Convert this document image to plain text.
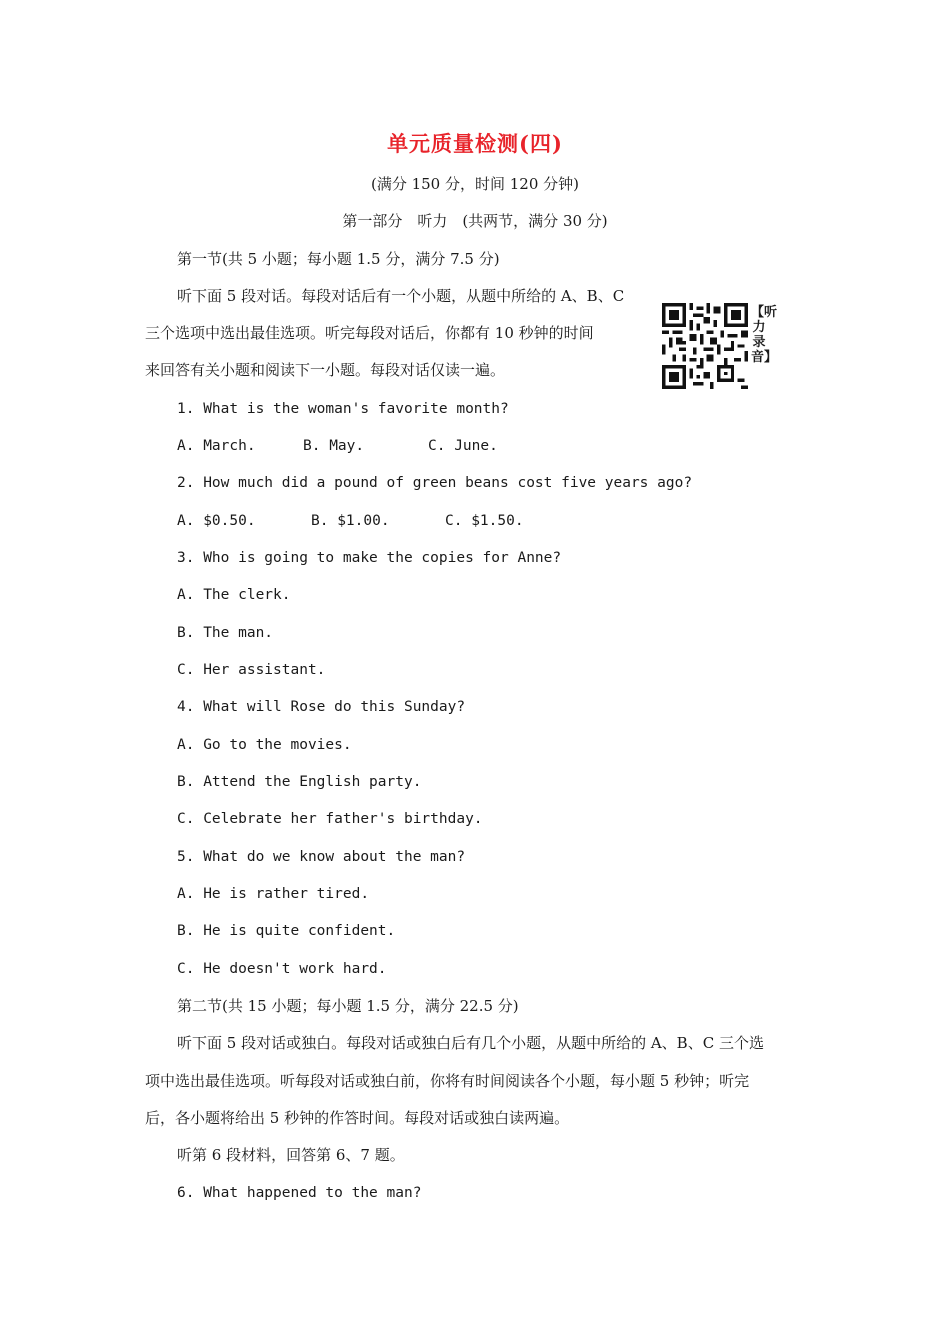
单元质量检测(四)
(满分 150 分，时间 120 分钟)
第一部分　听力　(共两节，满分 30 分)
第一节(共 5 小题；每小题 1.5 分，满分 7.5 分)
听下面 5 段对话。每段对话后有一个小题，从题中所给的 A、B、C
三个选项中选出最佳选项。听完每段对话后，你都有 10 秒钟的时间
来回答有关小题和阅读下一小题。每段对话仅读一遍。
【听力录音】
1. What is the woman's favorite month?
A. March.	B. May.	C. June.
2. How much did a pound of green beans cost five years ago?
A. $0.50.	B. $1.00.	C. $1.50.
3. Who is going to make the copies for Anne?
A. The clerk.
B. The man.
C. Her assistant.
4. What will Rose do this Sunday?
A. Go to the movies.
B. Attend the English party.
C. Celebrate her father's birthday.
5. What do we know about the man?
A. He is rather tired.
B. He is quite confident.
C. He doesn't work hard.
第二节(共 15 小题；每小题 1.5 分，满分 22.5 分)
听下面 5 段对话或独白。每段对话或独白后有几个小题，从题中所给的 A、B、C 三个选
项中选出最佳选项。听每段对话或独白前，你将有时间阅读各个小题，每小题 5 秒钟；听完
后，各小题将给出 5 秒钟的作答时间。每段对话或独白读两遍。
听第 6 段材料，回答第 6、7 题。
6. What happened to the man?
